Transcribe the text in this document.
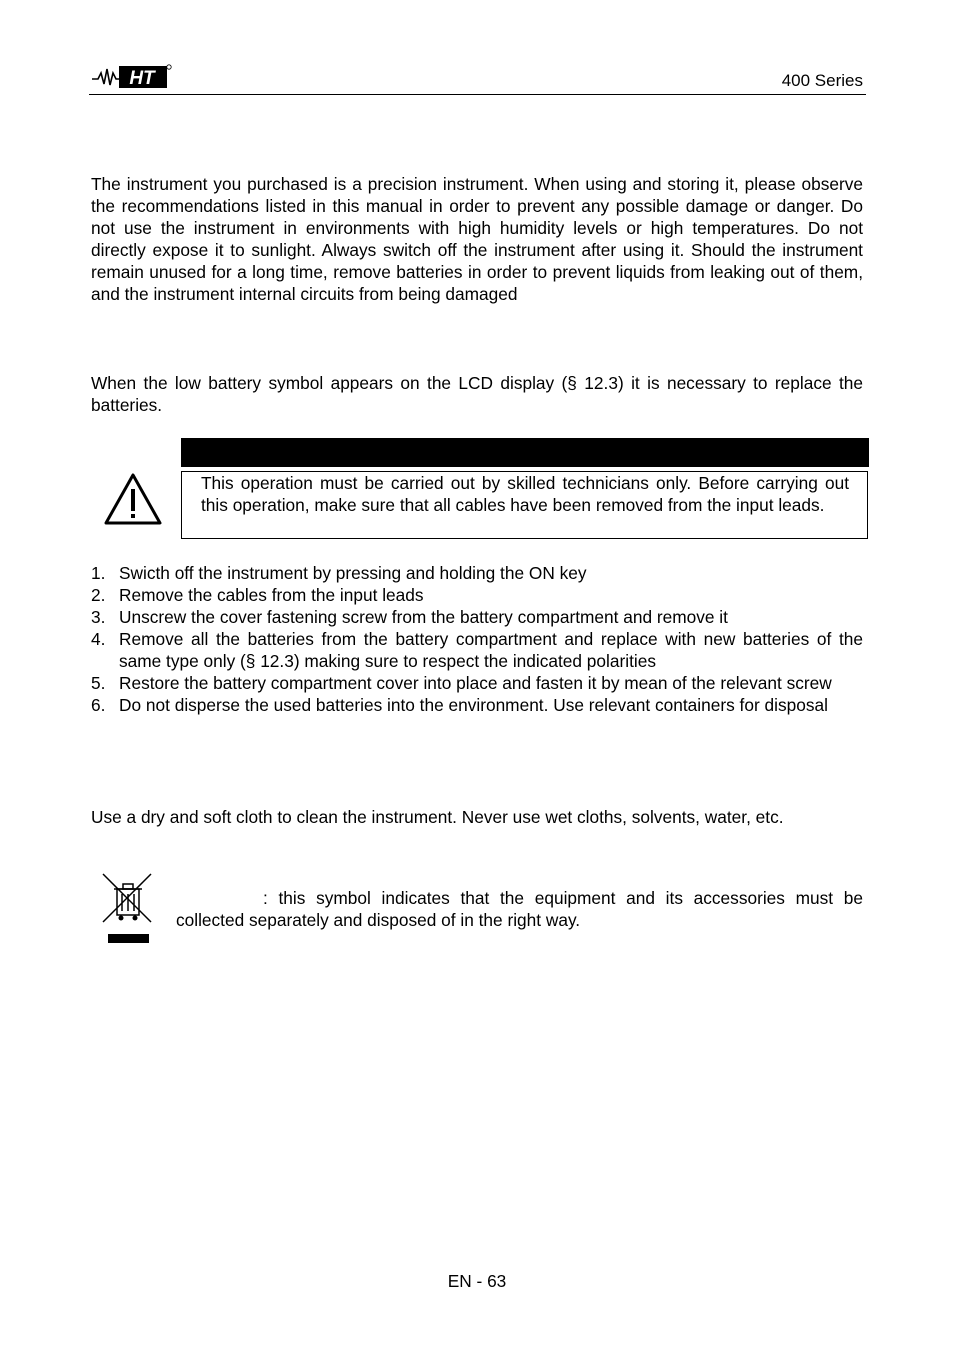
HT	400 Series
The instrument you purchased is a precision instrument. When using and storing it, please observe the recommendations listed in this manual in order to prevent any possible damage or danger. Do not use the instrument in environments with high humidity levels or high temperatures. Do not directly expose it to sunlight. Always switch off the instrument after using it. Should the instrument remain unused for a long time, remove batteries in order to prevent liquids from leaking out of them, and the instrument internal circuits from being damaged
When the low battery symbol appears on the LCD display (§ 12.3) it is necessary to replace the batteries.
This operation must be carried out by skilled technicians only. Before carrying out this operation, make sure that all cables have been removed from the input leads.
1. Swicth off the instrument by pressing and holding the ON key
2. Remove the cables from the input leads
3. Unscrew the cover fastening screw from the battery compartment and remove it
4. Remove all the batteries from the battery compartment and replace with new batteries of the same type only (§ 12.3) making sure to respect the indicated polarities
5. Restore the battery compartment cover into place and fasten it by mean of the relevant screw
6. Do not disperse the used batteries into the environment. Use relevant containers for disposal
Use a dry and soft cloth to clean the instrument. Never use wet cloths, solvents, water, etc.
: this symbol indicates that the equipment and its accessories must be collected separately and disposed of in the right way.
EN - 63
